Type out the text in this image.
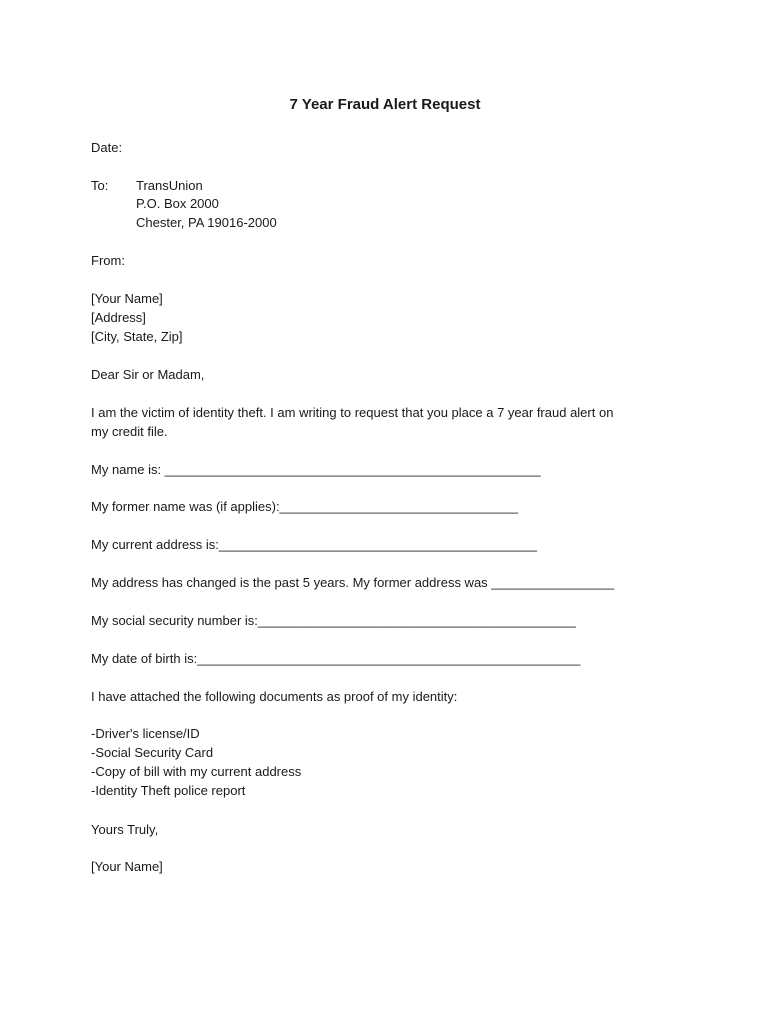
7 Year Fraud Alert Request
Date:
To: TransUnion
P.O. Box 2000
Chester, PA 19016-2000
From:
[Your Name]
[Address]
[City, State, Zip]
Dear Sir or Madam,
I am the victim of identity theft. I am writing to request that you place a 7 year fraud alert on
my credit file.
My name is: ____________________________________________________
My former name was (if applies):_________________________________
My current address is:____________________________________________
My address has changed is the past 5 years. My former address was _________________
My social security number is:____________________________________________
My date of birth is:_____________________________________________________
I have attached the following documents as proof of my identity:
-Driver's license/ID
-Social Security Card
-Copy of bill with my current address
-Identity Theft police report
Yours Truly,
[Your Name]
